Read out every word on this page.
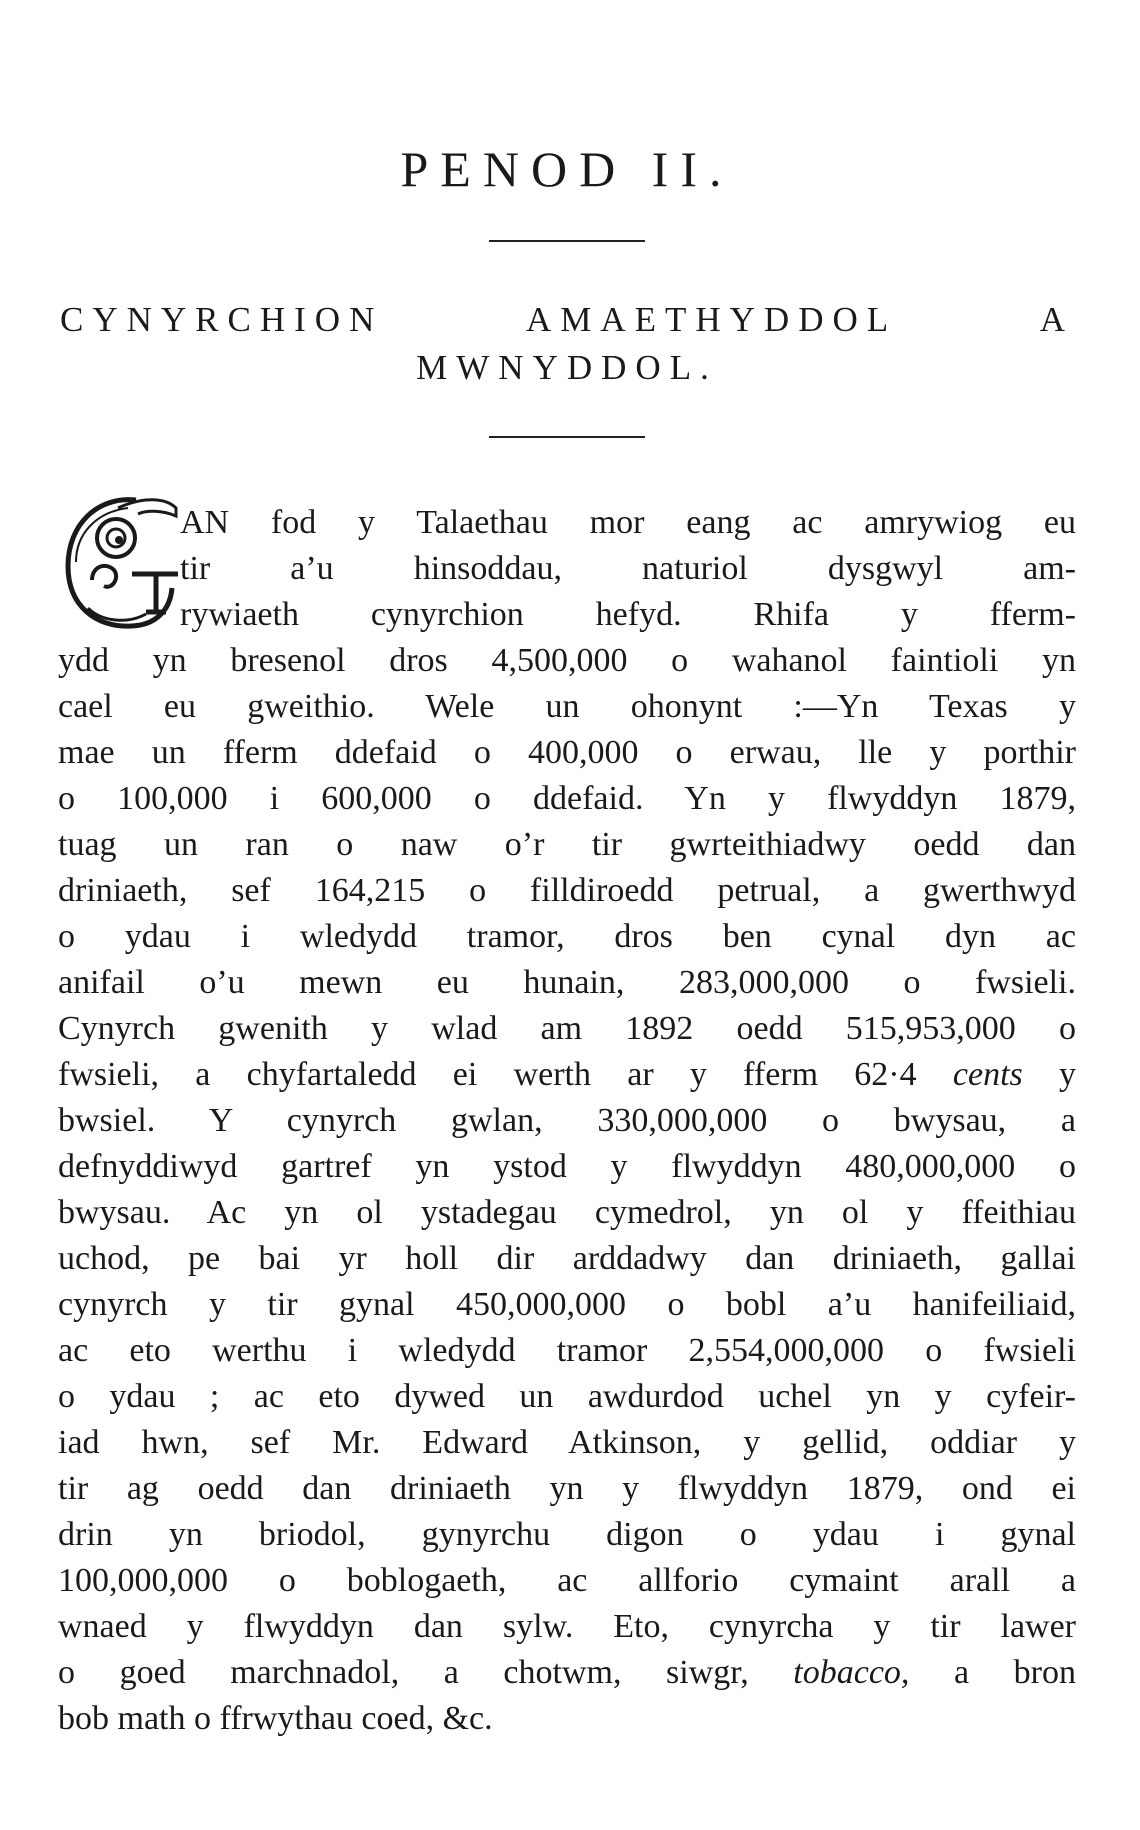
PENOD II.
CYNYRCHION	AMAETHYDDOL	A
MWNYDDOL.
AN fod y Talaethau mor eang ac amrywiog eu
tir a’u hinsoddau, naturiol dysgwyl am-
rywiaeth cynyrchion hefyd. Rhifa y fferm-
ydd yn bresenol dros 4,500,000 o wahanol faintioli yn
cael eu gweithio. Wele un ohonynt :—Yn Texas y
mae un fferm ddefaid o 400,000 o erwau, lle y porthir
o 100,000 i 600,000 o ddefaid. Yn y flwyddyn 1879,
tuag un ran o naw o’r tir gwrteithiadwy oedd dan
driniaeth, sef 164,215 o filldiroedd petrual, a gwerthwyd
o ydau i wledydd tramor, dros ben cynal dyn ac
anifail o’u mewn eu hunain, 283,000,000 o fwsieli.
Cynyrch gwenith y wlad am 1892 oedd 515,953,000 o
fwsieli, a chyfartaledd ei werth ar y fferm 62·4 cents y
bwsiel. Y cynyrch gwlan, 330,000,000 o bwysau, a
defnyddiwyd gartref yn ystod y flwyddyn 480,000,000 o
bwysau. Ac yn ol ystadegau cymedrol, yn ol y ffeithiau
uchod, pe bai yr holl dir arddadwy dan driniaeth, gallai
cynyrch y tir gynal 450,000,000 o bobl a’u hanifeiliaid,
ac eto werthu i wledydd tramor 2,554,000,000 o fwsieli
o ydau ; ac eto dywed un awdurdod uchel yn y cyfeir-
iad hwn, sef Mr. Edward Atkinson, y gellid, oddiar y
tir ag oedd dan driniaeth yn y flwyddyn 1879, ond ei
drin yn briodol, gynyrchu digon o ydau i gynal
100,000,000 o boblogaeth, ac allforio cymaint arall a
wnaed y flwyddyn dan sylw. Eto, cynyrcha y tir lawer
o goed marchnadol, a chotwm, siwgr, tobacco, a bron
bob math o ffrwythau coed, &c.
